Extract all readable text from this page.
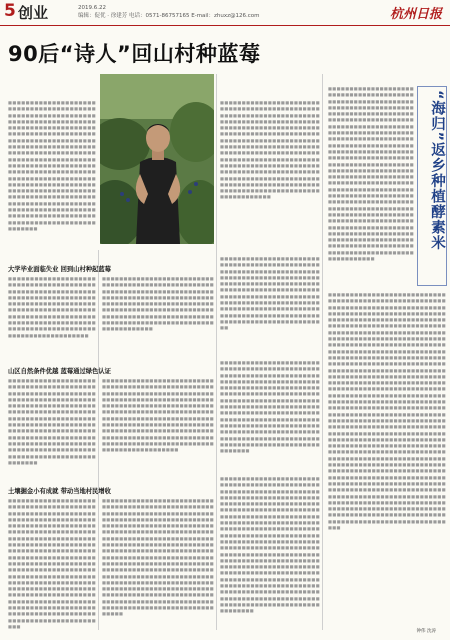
5 创业	2019.6.22
编辑：促优 · 徐建芳 电话：0571-86757165 E-mail：zhuxz@126.com	杭州日报
90后“诗人”回山村种蓝莓
■■■■■■■■■■■■■■■■■■■■■■■■■■■■■■■■■■■■■■■■■■■■■■■■■■■■■■■■■■■■■■■■■■■■■■■■■■■■■■■■■■■■■■■■■■■■■■■■■■■■■■■■■■■■■■■■■■■■■■■■■■■■■■■■■■■■■■■■■■■■■■■■■■■■■■■■■■■■■■■■■■■■■■■■■■■■■■■■■■■■■■■■■■■■■■■■■■■■■■■■■■■■■■■■■■■■■■■■■■■■■■■■■■■■■■■■■■■■■■■■■■■■■■■■■■■■■■■■■■■■■■■■■■■■■■■■■■■■■■■■■■■■■■■■■■■■■■■■■■■■■■■■■■■■■■■■■■■■■■■■■■■■■■■■■■■■■■■■■■■■■■■■■■■■■■■■■■■■■■■■■■■■■■■■■■■■■■■■■■■■■■■■■■■■■■■■■■■■■■■■■■■■■■■
■■■■■■■■■■■■■■■■■■■■■■■■■■■■■■■■■■■■■■■■■■■■■■■■■■■■■■■■■■■■■■■■■■■■■■■■■■■■■■■■■■■■■■■■■■■■■■■■■■■■■■■■■■■■■■■■■■■■■■■■■■■■■■■■■■■■■■■■■■■■■■■■■■■■■■■■■■■■■■■■■■■■■■■■■■■■■■■■■■■■■■■■■■■■■■■■■■■■■■■■■■■■■■■■■■■■■■■■■■■■■■■■■■■■■■■■■■■■■■■■■■■■■■■■■■■■■■■■■■■■■■■■■■■■■■■■■■■■■■■■■■■■■■■■■■■■■■■■■■■■■■■■■■■■■■■■■■■■■■■■■■■■■■■■■■■■■■■■■■■■■■■■■■■■■■■■■■■■■
大学毕业面临失业 回到山村种起蓝莓
■■■■■■■■■■■■■■■■■■■■■■■■■■■■■■■■■■■■■■■■■■■■■■■■■■■■■■■■■■■■■■■■■■■■■■■■■■■■■■■■■■■■■■■■■■■■■■■■■■■■■■■■■■■■■■■■■■■■■■■■■■■■■■■■■■■■■■■■■■■■■■■■■■■■■■■■■■■■■■■■■■■■■■■■■■■■■■■■■■■■■■■■■■■■■■■■■■■■■■■
■■■■■■■■■■■■■■■■■■■■■■■■■■■■■■■■■■■■■■■■■■■■■■■■■■■■■■■■■■■■■■■■■■■■■■■■■■■■■■■■■■■■■■■■■■■■■■■■■■■■■■■■■■■■■■■■■■■■■■■■■■■■■■■■■■■■■■■■■■■■■■■■■■■■■■■■■■■■■■■■■■■■■■■■■■■■■■■■■■■■■■■■■■■■■■■■■■■■■■■■■■■■■■■■■■■■■■■■■■■■
■■■■■■■■■■■■■■■■■■■■■■■■■■■■■■■■■■■■■■■■■■■■■■■■■■■■■■■■■■■■■■■■■■■■■■■■■■■■■■■■■■■■■■■■■■■■■■■■■■■■■■■■■■■■■■■■■■■■■■■■■■■■■■■■■■■■■■■■■■■■■■■■■■■■■■■■■■■■■■■■■■■■■■■■■■■■■■■■■■■■■■■■■■■■■■■■■■■■■■■■■■■■■■■■■■■■■■■■■■■■■■■■■■■■■■■■■■■■■■■■■■■■■■■■■■■■■■■
山区自然条件优越 蓝莓通过绿色认证
■■■■■■■■■■■■■■■■■■■■■■■■■■■■■■■■■■■■■■■■■■■■■■■■■■■■■■■■■■■■■■■■■■■■■■■■■■■■■■■■■■■■■■■■■■■■■■■■■■■■■■■■■■■■■■■■■■■■■■■■■■■■■■■■■■■■■■■■■■■■■■■■■■■■■■■■■■■■■■■■■■■■■■■■■■■■■■■■■■■■■■■■■■■■■■■■■■■■■■■■■■■■■■■■■■■■■■■■■■■■■■■■■■■■■■■■■■■■■■■■■■■■■■■■■■■■■■■■■■■■■■■■■■■
■■■■■■■■■■■■■■■■■■■■■■■■■■■■■■■■■■■■■■■■■■■■■■■■■■■■■■■■■■■■■■■■■■■■■■■■■■■■■■■■■■■■■■■■■■■■■■■■■■■■■■■■■■■■■■■■■■■■■■■■■■■■■■■■■■■■■■■■■■■■■■■■■■■■■■■■■■■■■■■■■■■■■■■■■■■■■■■■■■■■■■■■■■■■■■■■■■■■■■■■■■■■■■■■■■■■■■■■■■■■■■■■■■■■■■■■■■■■■■■■■■■■■■■■■■■■■■■■■■■■■■■■■■■■■■■■■■■■■■■■■■■■■■■■■■■■■■■■■■■■■■■■
■■■■■■■■■■■■■■■■■■■■■■■■■■■■■■■■■■■■■■■■■■■■■■■■■■■■■■■■■■■■■■■■■■■■■■■■■■■■■■■■■■■■■■■■■■■■■■■■■■■■■■■■■■■■■■■■■■■■■■■■■■■■■■■■■■■■■■■■■■■■■■■■■■■■■■■■■■■■■■■■■■■■■■■■■■■■■■■■■■■■■■■■■■■■■■■■■■■■■■■■■■■■■■■■■■■■■■■■■■■■■■■■■■■■■■■■■■■■■■■■■■■■■■■■■■■■■■■■■■■■■■■■■■■■■■■■■■■■■■■■■■■■■■■■■■■■■■■■■■■■■■■■■■■■■■■■■■■■■■■■■■■■■■■■■
土壤掘金小有成就 带动当地村民增收
■■■■■■■■■■■■■■■■■■■■■■■■■■■■■■■■■■■■■■■■■■■■■■■■■■■■■■■■■■■■■■■■■■■■■■■■■■■■■■■■■■■■■■■■■■■■■■■■■■■■■■■■■■■■■■■■■■■■■■■■■■■■■■■■■■■■■■■■■■■■■■■■■■■■■■■■■■■■■■■■■■■■■■■■■■■■■■■■■■■■■■■■■■■■■■■■■■■■■■■■■■■■■■■■■■■■■■■■■■■■■■■■■■■■■■■■■■■■■■■■■■■■■■■■■■■■■■■■■■■■■■■■■■■■■■■■■■■■■■■■■■■■■■■■■■■■■■■■■■■■■■■■■■■■■■■■■■■■■■■■■■■■■■■■■■■■■■■■■■■■■■■■■■■■■■■■■■■■■■■■■■■■■■■■■■■■■■■■■■■■■■■■■■■■■■■■■■■■■■■■■■■
■■■■■■■■■■■■■■■■■■■■■■■■■■■■■■■■■■■■■■■■■■■■■■■■■■■■■■■■■■■■■■■■■■■■■■■■■■■■■■■■■■■■■■■■■■■■■■■■■■■■■■■■■■■■■■■■■■■■■■■■■■■■■■■■■■■■■■■■■■■■■■■■■■■■■■■■■■■■■■■■■■■■■■■■■■■■■■■■■■■■■■■■■■■■■■■■■■■■■■■■■■■■■■■■■■■■■■■■■■■■■■■■■■■■■■■■■■■■■■■■■■■■■■■■■■■■■■■■■■■■■■■■■■■■■■■■■■■■■■■■■■■■■■■■■■■■■■■■■■■■■■■■■■■■■■■■■■■■■■■■■■■■■■■■■■■■■■■■■■■■■■■■■■■■■■■■■■■■■■■■■■■■■■■■■■■■■■■■■■■■■■■■■■■■■■■■■■■■■■■■■■■■■■■■■■■■■■■■■■■■■■■■■■■■■■■■■■■■■■■■■■■■■■■■■■■■■■■■■■■■■■■■■■■■■■■■■
■■■■■■■■■■■■■■■■■■■■■■■■■■■■■■■■■■■■■■■■■■■■■■■■■■■■■■■■■■■■■■■■■■■■■■■■■■■■■■■■■■■■■■■■■■■■■■■■■■■■■■■■■■■■■■■■■■■■■■■■■■■■■■■■■■■■■■■■■■■■■■■■■■■■■■■■■■■■■■■■■■■■■■■■■■■■■■■■■■■■■■■■■■■■■■■■■■■■■■■■■■■■■■■■■■■■■■■■■■■■■■■■■■■■■■■■■■■■■■■■■■■■■■■■■■■■■■■■■■■■■■■■■■■■■■■■■■■■■■■■■■■■■■■■■■■■■■■■■■■■■■■■■■■■■■■■■■■■■■■■■■■■■■■■■■■■■■■■■■■■■■■■■■■■■■■■■■■■■■■■■■■■■■■■■■■■■■■■■■■■■■■■■■■■■■■■■■■■■■■■■■■■■■■■■■■■■■■■■■■■■■■■■■■■■■■■■■■■■■■■■■■■■■■■■■■■■■■■■■■■■■■■■■■■■■■■■■■■■■■■■■■■■■■■■■■
“海归”返乡种植酵素米
■■■■■■■■■■■■■■■■■■■■■■■■■■■■■■■■■■■■■■■■■■■■■■■■■■■■■■■■■■■■■■■■■■■■■■■■■■■■■■■■■■■■■■■■■■■■■■■■■■■■■■■■■■■■■■■■■■■■■■■■■■■■■■■■■■■■■■■■■■■■■■■■■■■■■■■■■■■■■■■■■■■■■■■■■■■■■■■■■■■■■■■■■■■■■■■■■■■■■■■■■■■■■■■■■■■■■■■■■■■■■■■■■■■■■■■■■■■■■■■■■■■■■■■■■■■■■■■■■■■■■■■■■■■■■■■■■■■■■■■■■■■■■■■■■■■■■■■■■■■■■■■■■■■■■■■■■■■■■■■■■■■■■■■■■■■■■■■■■■■■■■■■■■■■■■■■■■■■■■■■■■■■■■■■■■■■■■■■■■■■■■■■■■■■■■■■■■■■■■■■■■■■■■■■■■■■■■■■■■■■■■■■■■■■■■■■■■■■■■■■■■■■■■■■■■■■■■■■■■■■■■■■■■■■■■■■■■■■■■■■■■■■■■■■■■■■■■■■■■■■■■■■■■■■■■■■■■■■■■■■■■■■■■■■■■■■■■■■■■■■■■■■■■■■■■■
■■■■■■■■■■■■■■■■■■■■■■■■■■■■■■■■■■■■■■■■■■■■■■■■■■■■■■■■■■■■■■■■■■■■■■■■■■■■■■■■■■■■■■■■■■■■■■■■■■■■■■■■■■■■■■■■■■■■■■■■■■■■■■■■■■■■■■■■■■■■■■■■■■■■■■■■■■■■■■■■■■■■■■■■■■■■■■■■■■■■■■■■■■■■■■■■■■■■■■■■■■■■■■■■■■■■■■■■■■■■■■■■■■■■■■■■■■■■■■■■■■■■■■■■■■■■■■■■■■■■■■■■■■■■■■■■■■■■■■■■■■■■■■■■■■■■■■■■■■■■■■■■■■■■■■■■■■■■■■■■■■■■■■■■■■■■■■■■■■■■■■■■■■■■■■■■■■■■■■■■■■■■■■■■■■■■■■■■■■■■■■■■■■■■■■■■■■■■■■■■■■■■■■■■■■■■■■■■■■■■■■■■■■■■■■■■■■■■■■■■■■■■■■■■■■■■■■■■■■■■■■■■■■■■■■■■■■■■■■■■■■■■■■■■■■■■■■■■■■■■■■■■■■■■■■■■■■■■■■■■■■■■■■■■■■■■■■■■■■■■■■■■■■■■■■■■■■■■■■■■■■■■■■■■■■■■■■■■■■■■■■■■■■■■■■■■■■■■■■■■■■■■■■■■■■■■■■■■■■■■■■■■■■■■■■■■■■■■■■■■■■■■■■■■■■■■■■■■■■■■■■■■■■■■■■■■■■■■■■■■■■■■■■■■■■■■■■■■■■■■■■■■■■■■■■■■■■■■■■■■■■■■■■■■■■■■■■■■■■■■■■■■■■■■■■■■■■■■■■■■■■■■■■■■■■■■■■■■■■■■■■■■■■■■■■■■■■■■■■■■■■■■■■■■■■■■■■■■■■■■■■■■■■■■■■■■■■■■■■■■■■■■■■■■■■■■■■■■■■■■■■■■■■■■■■■■■■■■■■■■■■■■■■■■■■■■■■■■■■■■■■■■■■■■■■■■■■■■■■■■■■■■■■■■■■■■■■■■■■■■■■■■■■■■■■■■■■■■■■■■■■■■■■■■■■■■■■■■■■■■■■■■■■■■■■■■■■■■■■■■■■
钟伟 沈涛
